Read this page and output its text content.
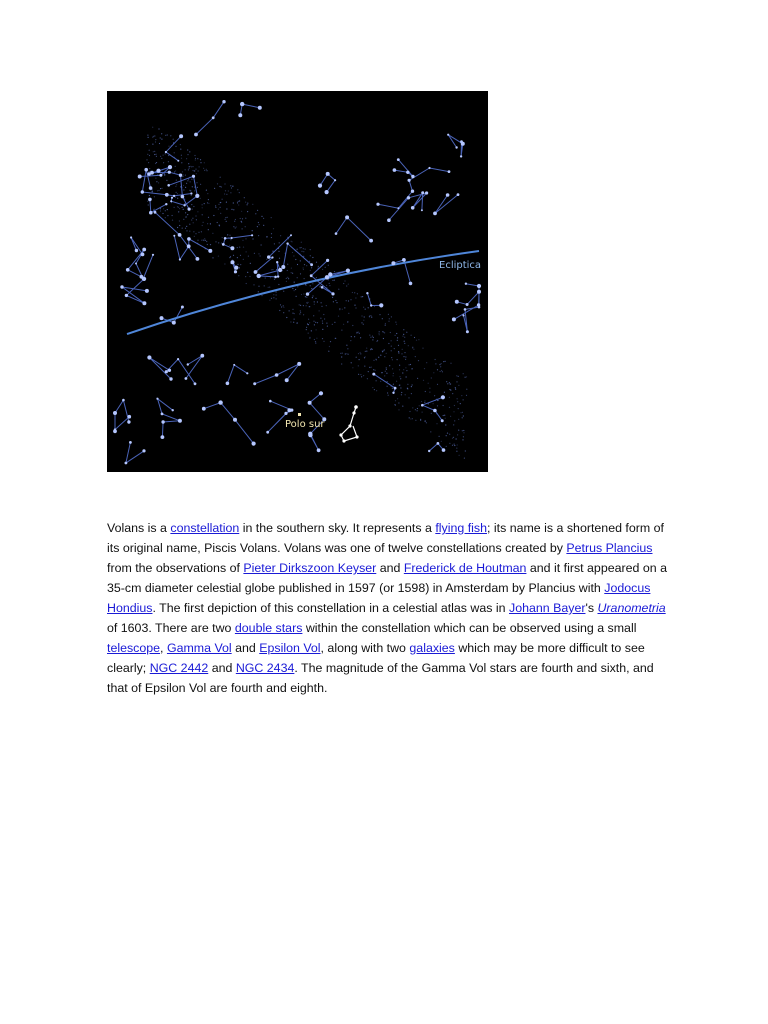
Ecliptica
Polo sur

Volans is a constellation in the southern sky. It represents a flying fish; its name is a shortened form of its original name, Piscis Volans. Volans was one of twelve constellations created by Petrus Plancius from the observations of Pieter Dirkszoon Keyser and Frederick de Houtman and it first appeared on a 35-cm diameter celestial globe published in 1597 (or 1598) in Amsterdam by Plancius with Jodocus Hondius. The first depiction of this constellation in a celestial atlas was in Johann Bayer's Uranometria of 1603. There are two double stars within the constellation which can be observed using a small telescope, Gamma Vol and Epsilon Vol, along with two galaxies which may be more difficult to see clearly; NGC 2442 and NGC 2434. The magnitude of the Gamma Vol stars are fourth and sixth, and that of Epsilon Vol are fourth and eighth.
